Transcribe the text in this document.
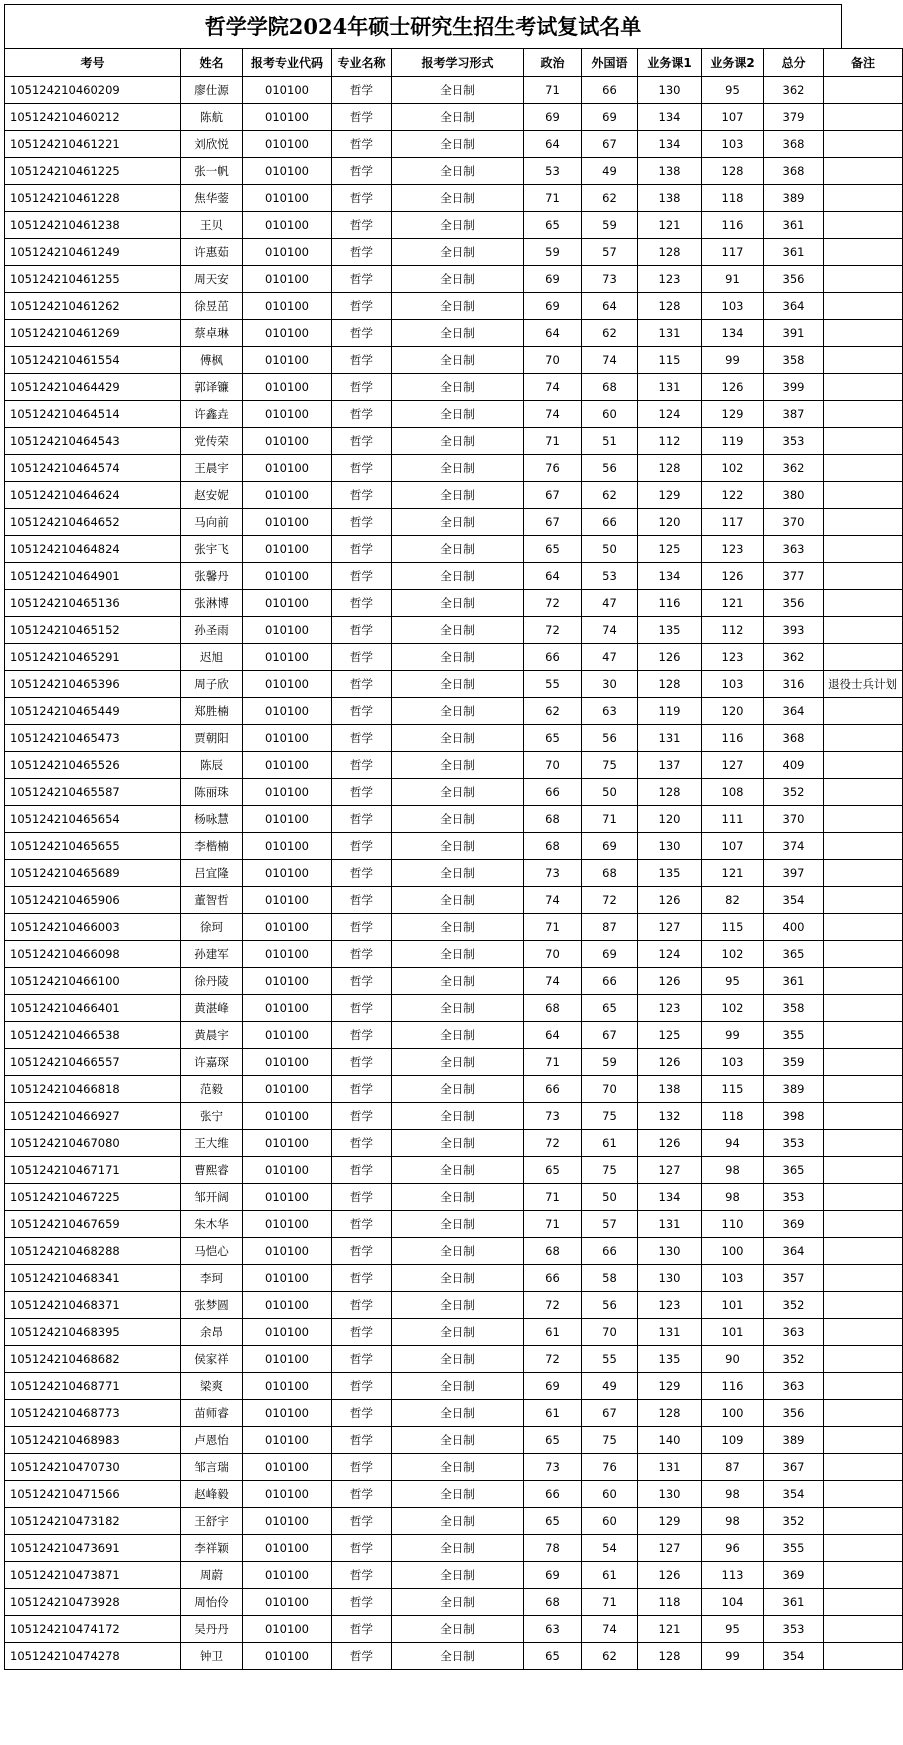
哲学学院2024年硕士研究生招生考试复试名单
考号	姓名	报考专业代码	专业名称	报考学习形式	政治	外国语	业务课1	业务课2	总分	备注
105124210460209	廖仕源	010100	哲学	全日制	71	66	130	95	362	
105124210460212	陈航	010100	哲学	全日制	69	69	134	107	379	
105124210461221	刘欣悦	010100	哲学	全日制	64	67	134	103	368	
105124210461225	张一帆	010100	哲学	全日制	53	49	138	128	368	
105124210461228	焦华蓥	010100	哲学	全日制	71	62	138	118	389	
105124210461238	王贝	010100	哲学	全日制	65	59	121	116	361	
105124210461249	许惠茹	010100	哲学	全日制	59	57	128	117	361	
105124210461255	周天安	010100	哲学	全日制	69	73	123	91	356	
105124210461262	徐昱茁	010100	哲学	全日制	69	64	128	103	364	
105124210461269	蔡卓琳	010100	哲学	全日制	64	62	131	134	391	
105124210461554	傅枫	010100	哲学	全日制	70	74	115	99	358	
105124210464429	郭译镰	010100	哲学	全日制	74	68	131	126	399	
105124210464514	许鑫垚	010100	哲学	全日制	74	60	124	129	387	
105124210464543	党传荣	010100	哲学	全日制	71	51	112	119	353	
105124210464574	王晨宇	010100	哲学	全日制	76	56	128	102	362	
105124210464624	赵安妮	010100	哲学	全日制	67	62	129	122	380	
105124210464652	马向前	010100	哲学	全日制	67	66	120	117	370	
105124210464824	张宇飞	010100	哲学	全日制	65	50	125	123	363	
105124210464901	张馨丹	010100	哲学	全日制	64	53	134	126	377	
105124210465136	张淋博	010100	哲学	全日制	72	47	116	121	356	
105124210465152	孙圣雨	010100	哲学	全日制	72	74	135	112	393	
105124210465291	迟旭	010100	哲学	全日制	66	47	126	123	362	
105124210465396	周子欣	010100	哲学	全日制	55	30	128	103	316	退役士兵计划
105124210465449	郑胜楠	010100	哲学	全日制	62	63	119	120	364	
105124210465473	贾朝阳	010100	哲学	全日制	65	56	131	116	368	
105124210465526	陈辰	010100	哲学	全日制	70	75	137	127	409	
105124210465587	陈丽珠	010100	哲学	全日制	66	50	128	108	352	
105124210465654	杨咏慧	010100	哲学	全日制	68	71	120	111	370	
105124210465655	李楷楠	010100	哲学	全日制	68	69	130	107	374	
105124210465689	吕宜隆	010100	哲学	全日制	73	68	135	121	397	
105124210465906	董智哲	010100	哲学	全日制	74	72	126	82	354	
105124210466003	徐珂	010100	哲学	全日制	71	87	127	115	400	
105124210466098	孙建军	010100	哲学	全日制	70	69	124	102	365	
105124210466100	徐丹陵	010100	哲学	全日制	74	66	126	95	361	
105124210466401	黄湛峰	010100	哲学	全日制	68	65	123	102	358	
105124210466538	黄晨宇	010100	哲学	全日制	64	67	125	99	355	
105124210466557	许嘉琛	010100	哲学	全日制	71	59	126	103	359	
105124210466818	范毅	010100	哲学	全日制	66	70	138	115	389	
105124210466927	张宁	010100	哲学	全日制	73	75	132	118	398	
105124210467080	王大维	010100	哲学	全日制	72	61	126	94	353	
105124210467171	曹熙睿	010100	哲学	全日制	65	75	127	98	365	
105124210467225	邹开阔	010100	哲学	全日制	71	50	134	98	353	
105124210467659	朱木华	010100	哲学	全日制	71	57	131	110	369	
105124210468288	马恺心	010100	哲学	全日制	68	66	130	100	364	
105124210468341	李珂	010100	哲学	全日制	66	58	130	103	357	
105124210468371	张梦圆	010100	哲学	全日制	72	56	123	101	352	
105124210468395	余昂	010100	哲学	全日制	61	70	131	101	363	
105124210468682	侯家祥	010100	哲学	全日制	72	55	135	90	352	
105124210468771	梁爽	010100	哲学	全日制	69	49	129	116	363	
105124210468773	苗师睿	010100	哲学	全日制	61	67	128	100	356	
105124210468983	卢恩怡	010100	哲学	全日制	65	75	140	109	389	
105124210470730	邹言瑞	010100	哲学	全日制	73	76	131	87	367	
105124210471566	赵峰毅	010100	哲学	全日制	66	60	130	98	354	
105124210473182	王舒宇	010100	哲学	全日制	65	60	129	98	352	
105124210473691	李祥颖	010100	哲学	全日制	78	54	127	96	355	
105124210473871	周蔚	010100	哲学	全日制	69	61	126	113	369	
105124210473928	周怡伶	010100	哲学	全日制	68	71	118	104	361	
105124210474172	吴丹丹	010100	哲学	全日制	63	74	121	95	353	
105124210474278	钟卫	010100	哲学	全日制	65	62	128	99	354	
